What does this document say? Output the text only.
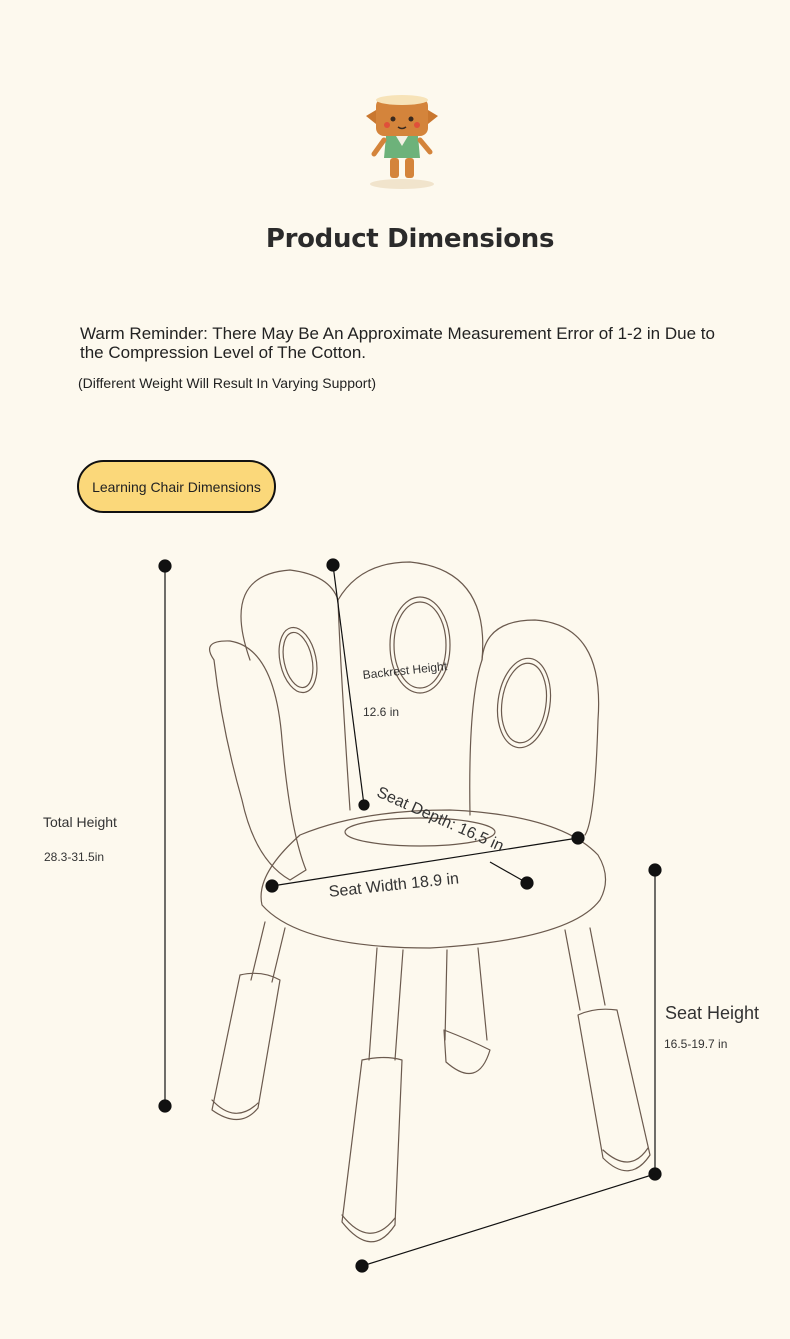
Product Dimensions
Warm Reminder: There May Be An Approximate Measurement Error of 1-2 in Due to the Compression Level of The Cotton.
(Different Weight Will Result In Varying Support)
Learning Chair Dimensions
Total Height
28.3-31.5in
Backrest Height
12.6 in
Seat Depth: 16.5 in
Seat Width 18.9 in
Seat Height
16.5-19.7 in
